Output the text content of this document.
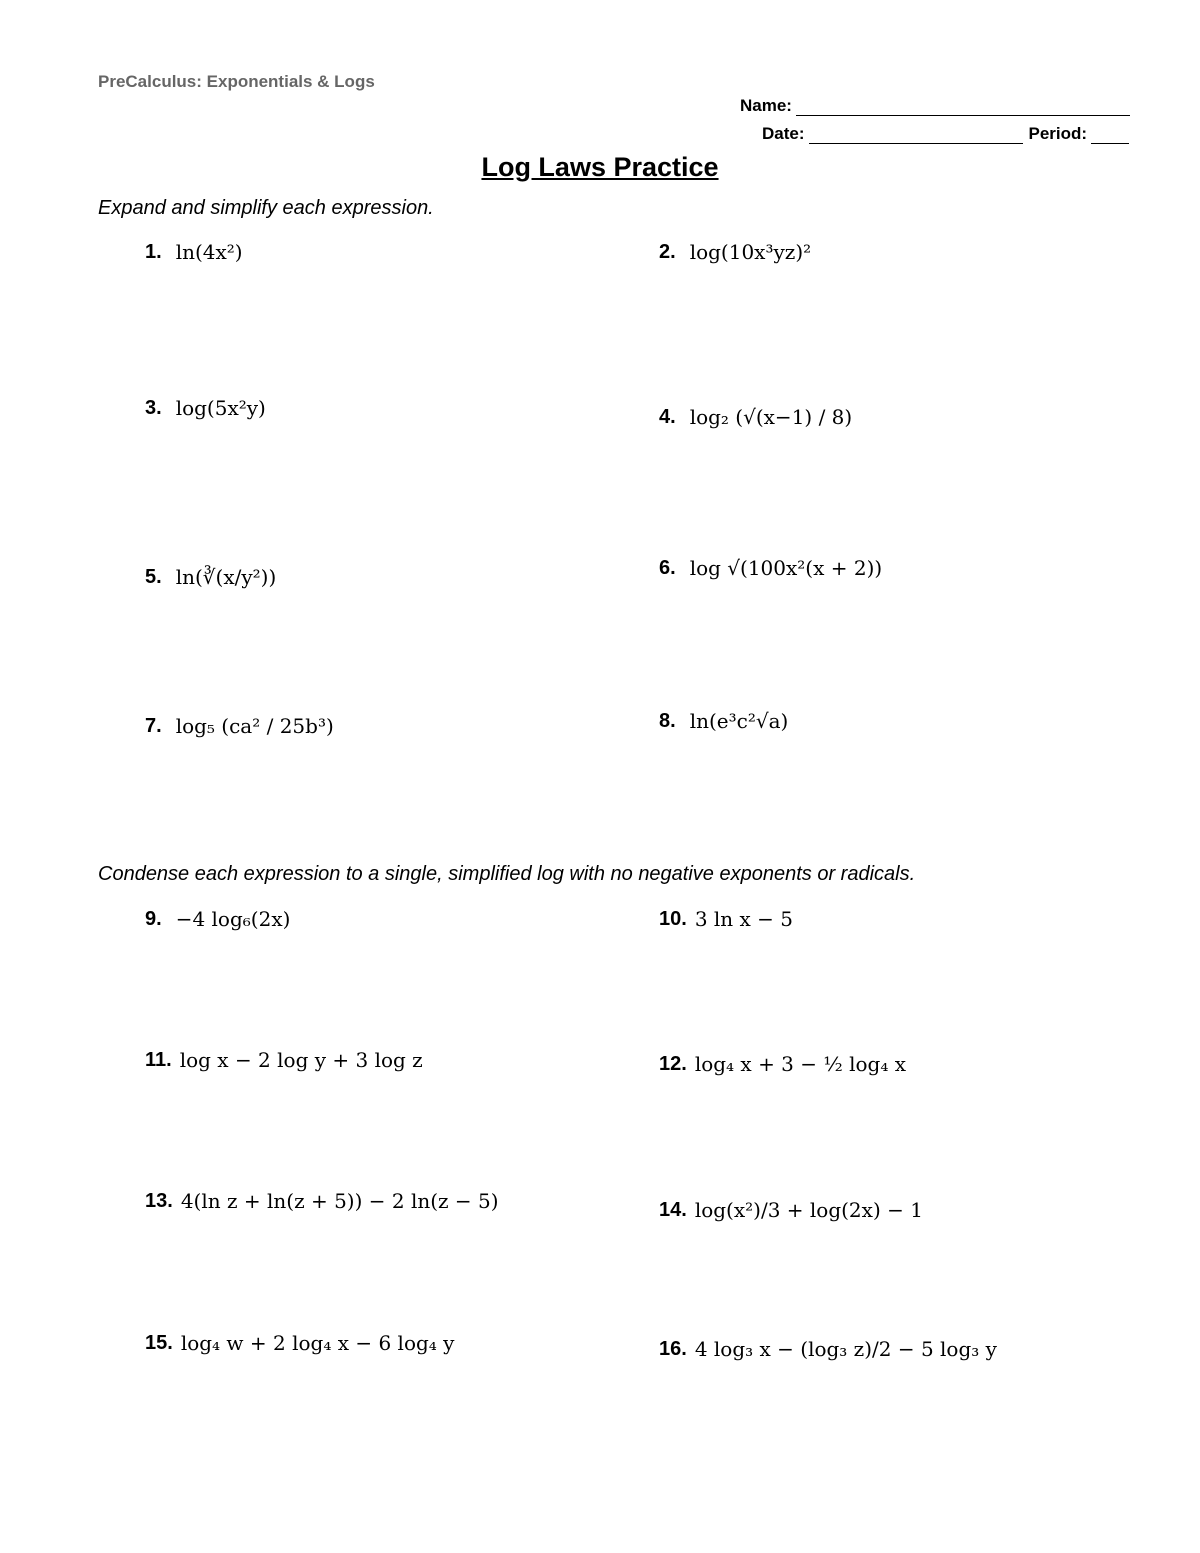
PreCalculus: Exponentials & Logs
Name:
Date:	Period:
Log Laws Practice
Expand and simplify each expression.
1. ln(4x²)	2. log(10x³yz)²
3. log(5x²y)	4. log₂ (√(x−1) / 8)
5. ln(∛(x/y²))	6. log √(100x²(x + 2))
7. log₅ (ca² / 25b³)	8. ln(e³c²√a)
Condense each expression to a single, simplified log with no negative exponents or radicals.
9. −4 log₆(2x)	10. 3 ln x − 5
11. log x − 2 log y + 3 log z	12. log₄ x + 3 − ½ log₄ x
13. 4(ln z + ln(z + 5)) − 2 ln(z − 5)	14. log(x²)/3 + log(2x) − 1
15. log₄ w + 2 log₄ x − 6 log₄ y	16. 4 log₃ x − (log₃ z)/2 − 5 log₃ y
